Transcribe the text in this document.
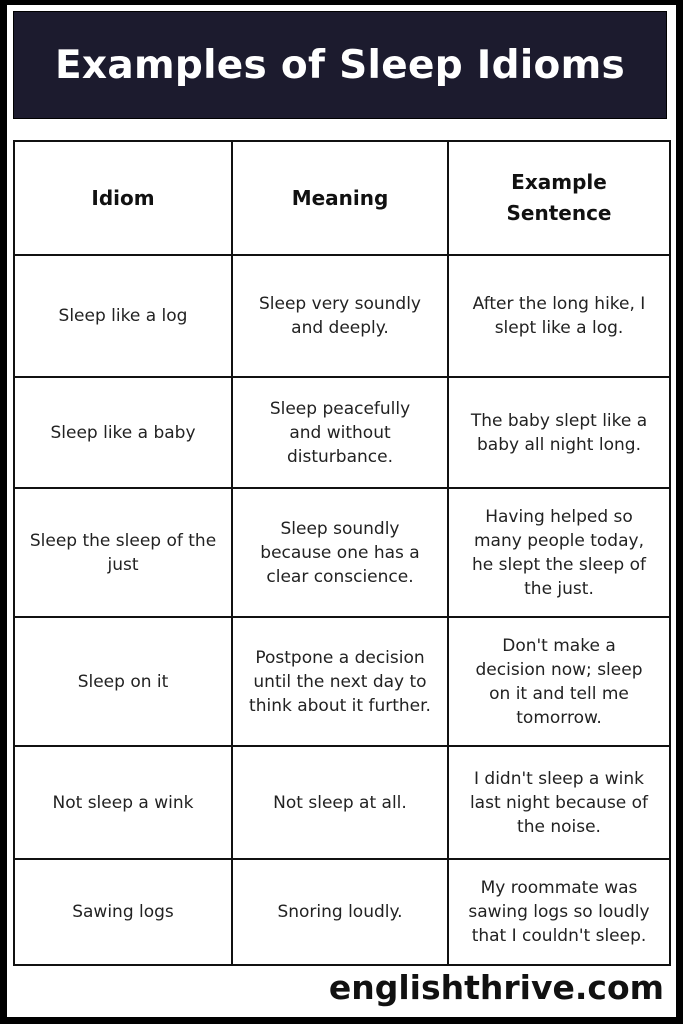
Examples of Sleep Idioms
Idiom	Meaning	Example Sentence
Sleep like a log	Sleep very soundly and deeply.	After the long hike, I slept like a log.
Sleep like a baby	Sleep peacefully and without disturbance.	The baby slept like a baby all night long.
Sleep the sleep of the just	Sleep soundly because one has a clear conscience.	Having helped so many people today, he slept the sleep of the just.
Sleep on it	Postpone a decision until the next day to think about it further.	Don't make a decision now; sleep on it and tell me tomorrow.
Not sleep a wink	Not sleep at all.	I didn't sleep a wink last night because of the noise.
Sawing logs	Snoring loudly.	My roommate was sawing logs so loudly that I couldn't sleep.
englishthrive.com
